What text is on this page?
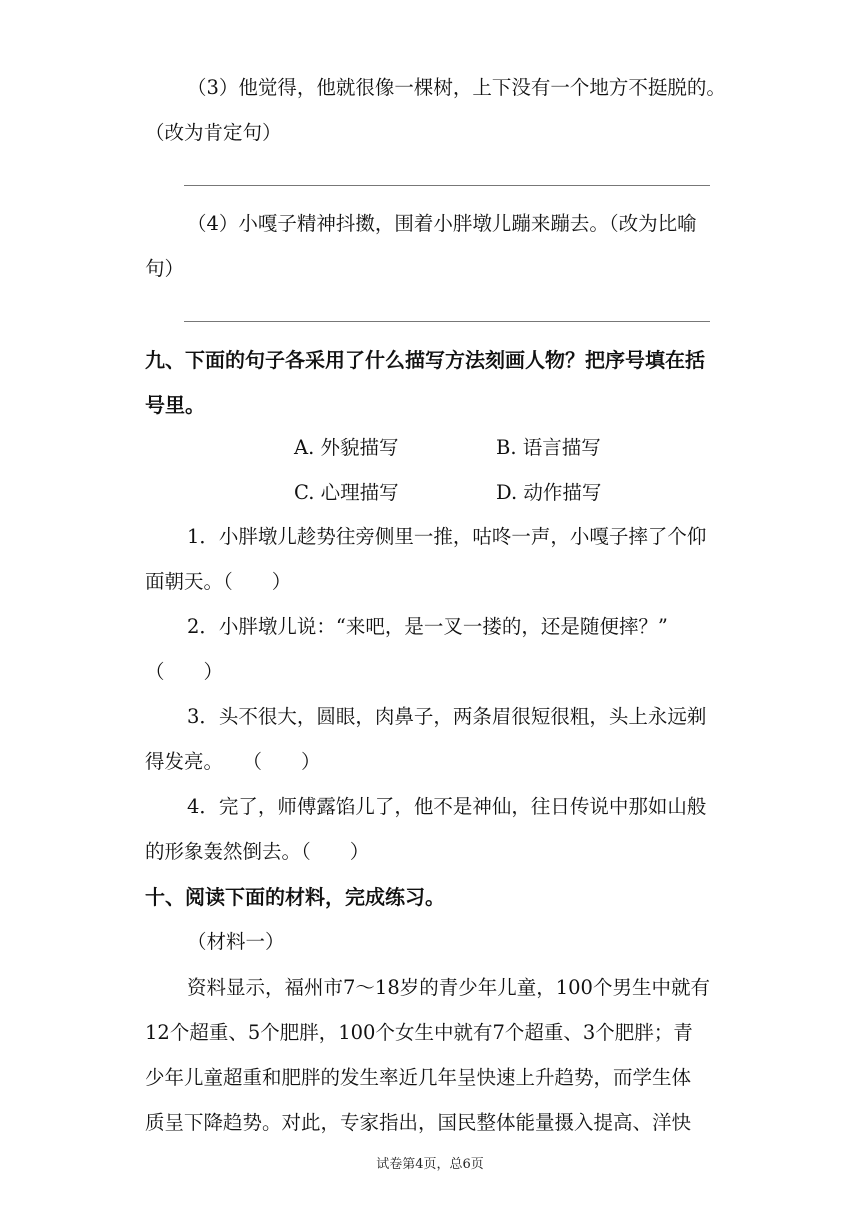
（3）他觉得，他就很像一棵树，上下没有一个地方不挺脱的。
（改为肯定句）
（4）小嘎子精神抖擞，围着小胖墩儿蹦来蹦去。（改为比喻
句）
九、下面的句子各采用了什么描写方法刻画人物？把序号填在括
号里。
A. 外貌描写	B. 语言描写
C. 心理描写	D. 动作描写
1．小胖墩儿趁势往旁侧里一推，咕咚一声，小嘎子摔了个仰
面朝天。（　　）
2．小胖墩儿说：“来吧，是一叉一搂的，还是随便摔？”
（　　）
3．头不很大，圆眼，肉鼻子，两条眉很短很粗，头上永远剃
得发亮。　　（　　）
4．完了，师傅露馅儿了，他不是神仙，往日传说中那如山般
的形象轰然倒去。（　　）
十、阅读下面的材料，完成练习。
（材料一）
资料显示，福州市7～18岁的青少年儿童，100个男生中就有
12个超重、5个肥胖，100个女生中就有7个超重、3个肥胖；青
少年儿童超重和肥胖的发生率近几年呈快速上升趋势，而学生体
质呈下降趋势。对此，专家指出，国民整体能量摄入提高、洋快
试卷第4页，总6页
